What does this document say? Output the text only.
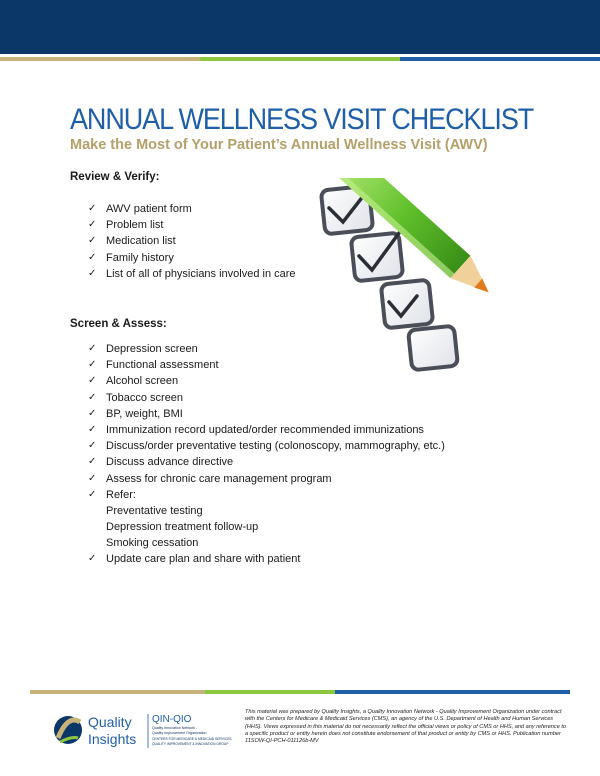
ANNUAL WELLNESS VISIT CHECKLIST
Make the Most of Your Patient’s Annual Wellness Visit (AWV)
Review & Verify:
✓ AWV patient form
✓ Problem list
✓ Medication list
✓ Family history
✓ List of all of physicians involved in care
Screen & Assess:
✓ Depression screen
✓ Functional assessment
✓ Alcohol screen
✓ Tobacco screen
✓ BP, weight, BMI
✓ Immunization record updated/order recommended immunizations
✓ Discuss/order preventative testing (colonoscopy, mammography, etc.)
✓ Discuss advance directive
✓ Assess for chronic care management program
✓ Refer:
Preventative testing
Depression treatment follow-up
Smoking cessation
✓ Update care plan and share with patient
Quality
Insights
QIN-QIO
Quality Innovation Network -
Quality Improvement Organization
CENTERS FOR MEDICARE & MEDICAID SERVICES
QUALITY IMPROVEMENT & INNOVATION GROUP

This material was prepared by Quality Insights, a Quality Innovation Network - Quality Improvement Organization under contract with the Centers for Medicare & Medicaid Services (CMS), an agency of the U.S. Department of Health and Human Services (HHS). Views expressed in this material do not necessarily reflect the official views or policy of CMS or HHS, and any reference to a specific product or entity herein does not constitute endorsement of that product or entity by CMS or HHS. Publication number 11SOW-QI-PCH-011126b-MV
